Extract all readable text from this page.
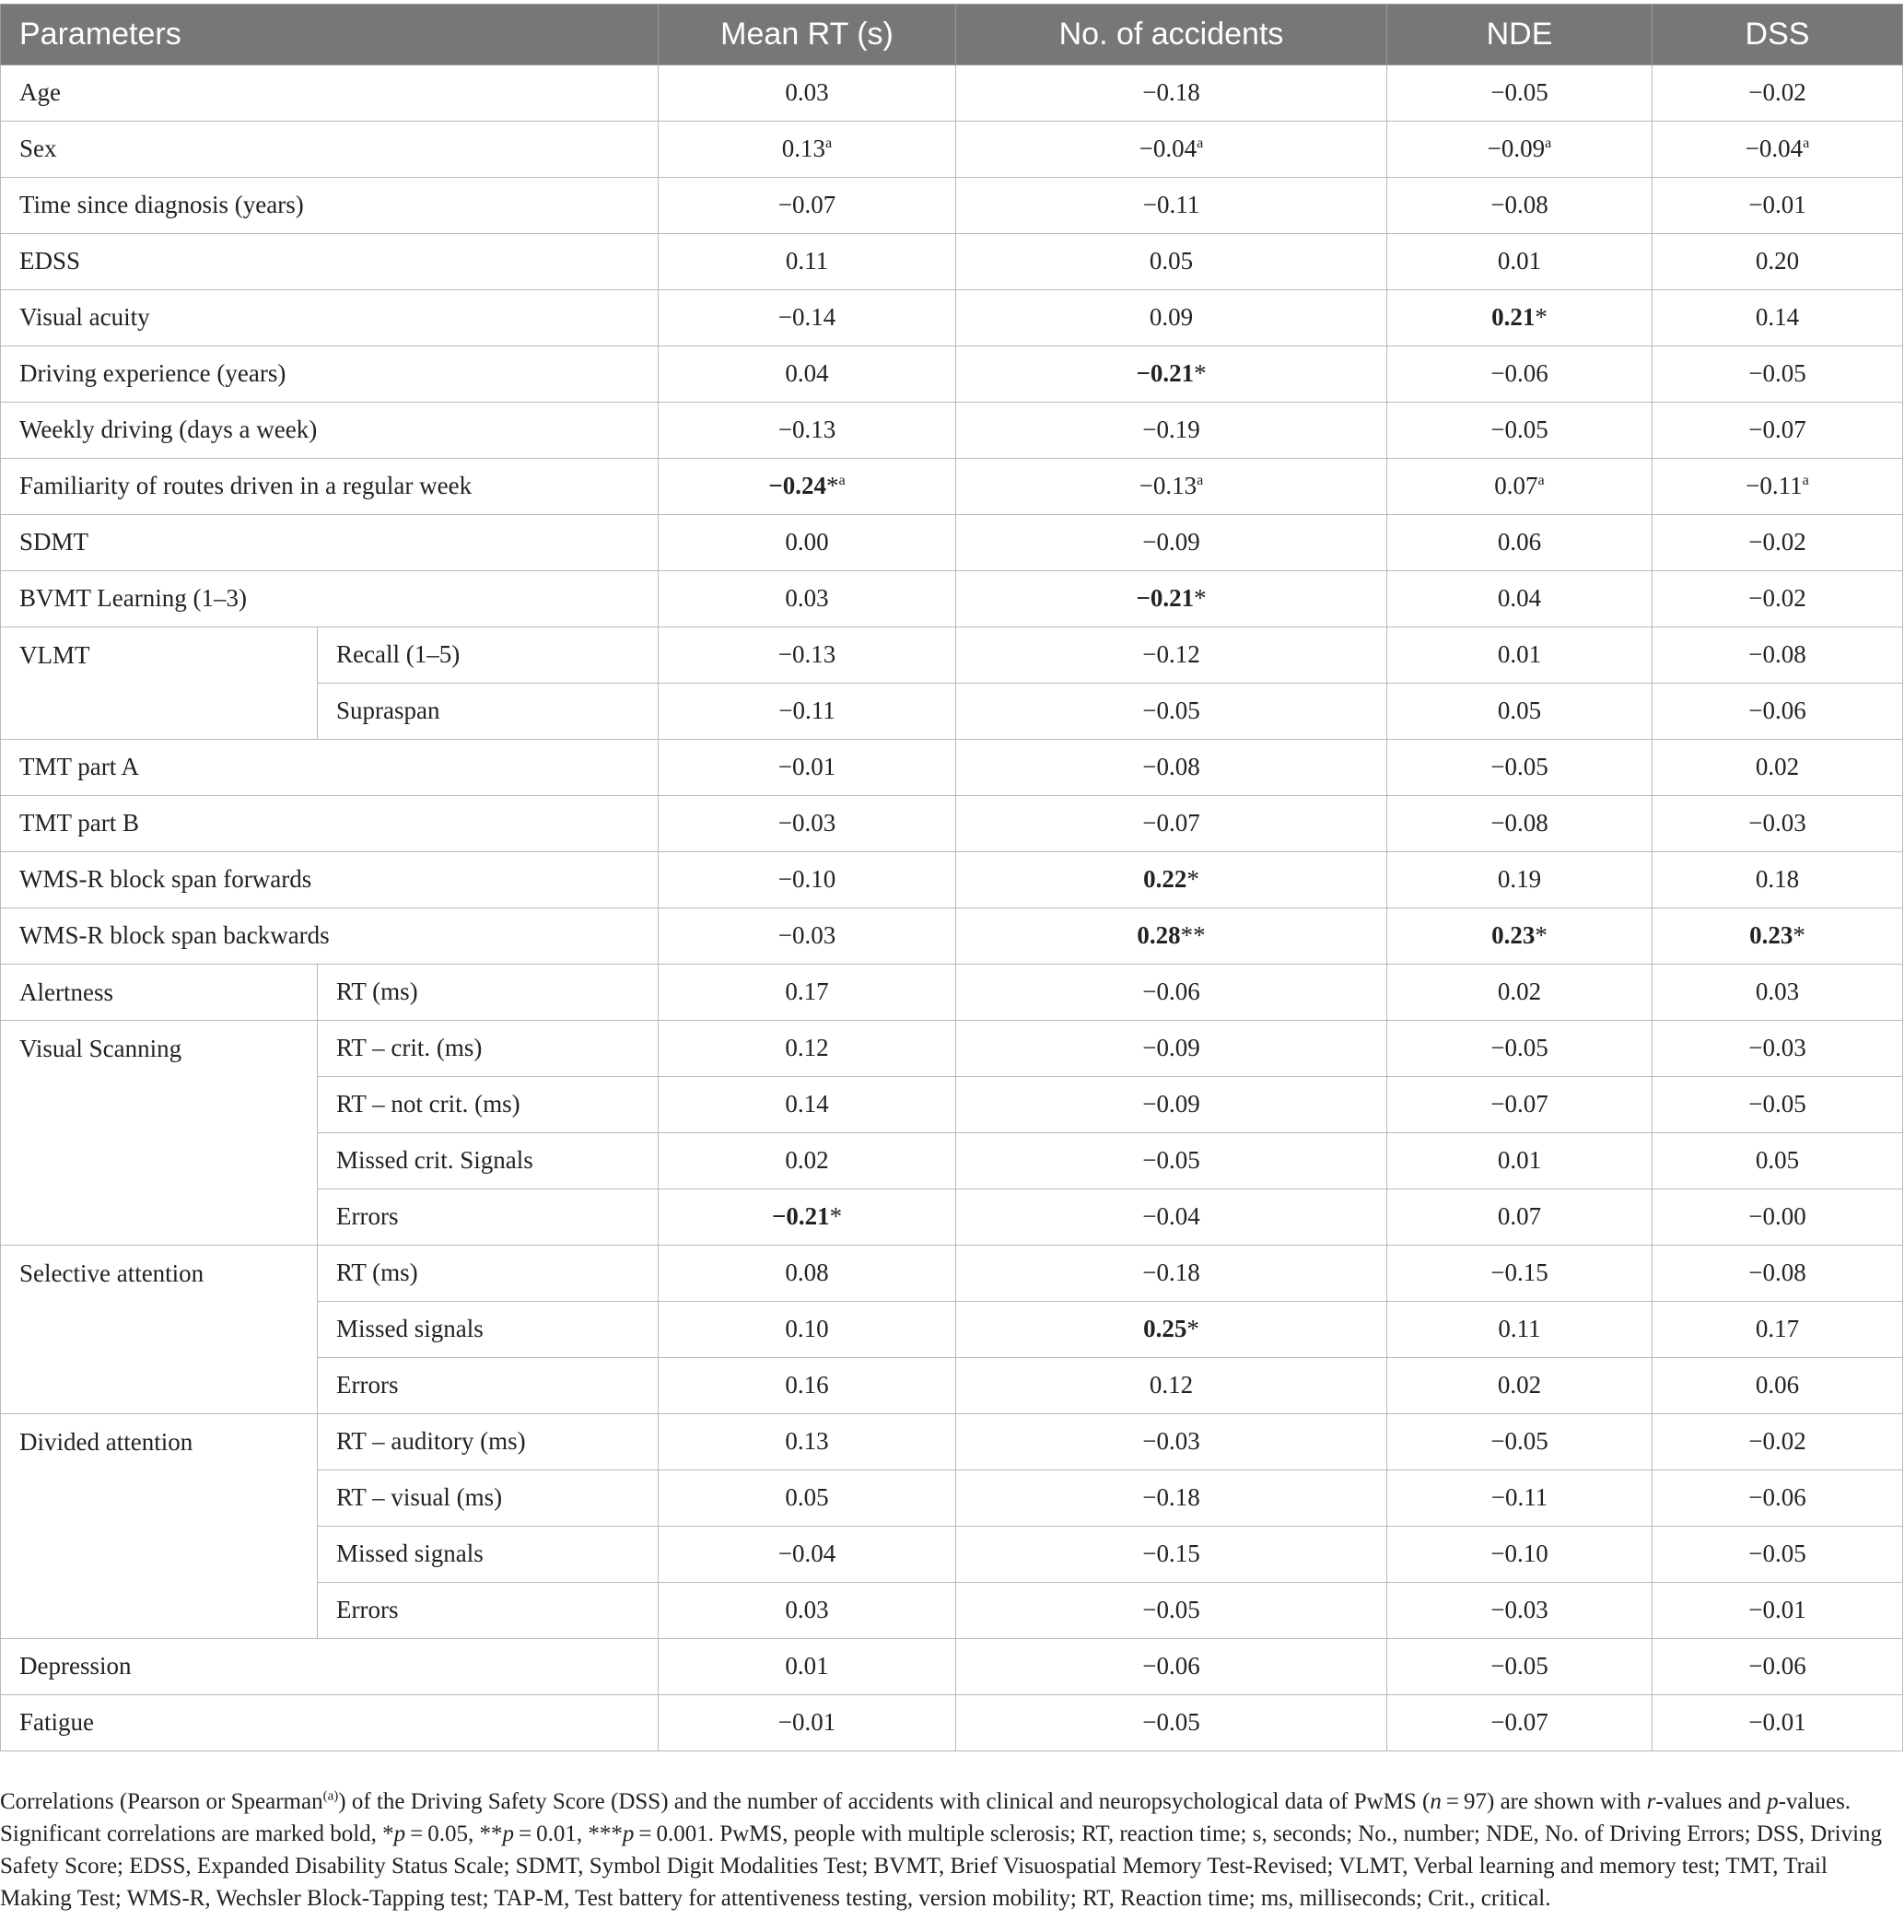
Parameters		Mean RT (s)	No. of accidents	NDE	DSS
Age		0.03	−0.18	−0.05	−0.02
Sex		0.13$^a$	−0.04$^a$	−0.09$^a$	−0.04$^a$
Time since diagnosis (years)		−0.07	−0.11	−0.08	−0.01
EDSS		0.11	0.05	0.01	0.20
Visual acuity		−0.14	0.09	0.21*	0.14
Driving experience (years)		0.04	−0.21*	−0.06	−0.05
Weekly driving (days a week)		−0.13	−0.19	−0.05	−0.07
Familiarity of routes driven in a regular week		−0.24*$^a$	−0.13$^a$	0.07$^a$	−0.11$^a$
SDMT		0.00	−0.09	0.06	−0.02
BVMT Learning (1–3)		0.03	−0.21*	0.04	−0.02
VLMT	Recall (1–5)	−0.13	−0.12	0.01	−0.08
	Supraspan	−0.11	−0.05	0.05	−0.06
TMT part A		−0.01	−0.08	−0.05	0.02
TMT part B		−0.03	−0.07	−0.08	−0.03
WMS-R block span forwards		−0.10	0.22*	0.19	0.18
WMS-R block span backwards		−0.03	0.28**	0.23*	0.23*
Alertness	RT (ms)	0.17	−0.06	0.02	0.03
Visual Scanning	RT – crit. (ms)	0.12	−0.09	−0.05	−0.03
	RT – not crit. (ms)	0.14	−0.09	−0.07	−0.05
	Missed crit. Signals	0.02	−0.05	0.01	0.05
	Errors	−0.21*	−0.04	0.07	−0.00
Selective attention	RT (ms)	0.08	−0.18	−0.15	−0.08
	Missed signals	0.10	0.25*	0.11	0.17
	Errors	0.16	0.12	0.02	0.06
Divided attention	RT – auditory (ms)	0.13	−0.03	−0.05	−0.02
	RT – visual (ms)	0.05	−0.18	−0.11	−0.06
	Missed signals	−0.04	−0.15	−0.10	−0.05
	Errors	0.03	−0.05	−0.03	−0.01
Depression		0.01	−0.06	−0.05	−0.06
Fatigue		−0.01	−0.05	−0.07	−0.01

Correlations (Pearson or Spearman$^{(a)}$) of the Driving Safety Score (DSS) and the number of accidents with clinical and neuropsychological data of PwMS (n = 97) are shown with r-values and p-values. Significant correlations are marked bold, *p = 0.05, **p = 0.01, ***p = 0.001. PwMS, people with multiple sclerosis; RT, reaction time; s, seconds; No., number; NDE, No. of Driving Errors; DSS, Driving Safety Score; EDSS, Expanded Disability Status Scale; SDMT, Symbol Digit Modalities Test; BVMT, Brief Visuospatial Memory Test-Revised; VLMT, Verbal learning and memory test; TMT, Trail Making Test; WMS-R, Wechsler Block-Tapping test; TAP-M, Test battery for attentiveness testing, version mobility; RT, Reaction time; ms, milliseconds; Crit., critical.
